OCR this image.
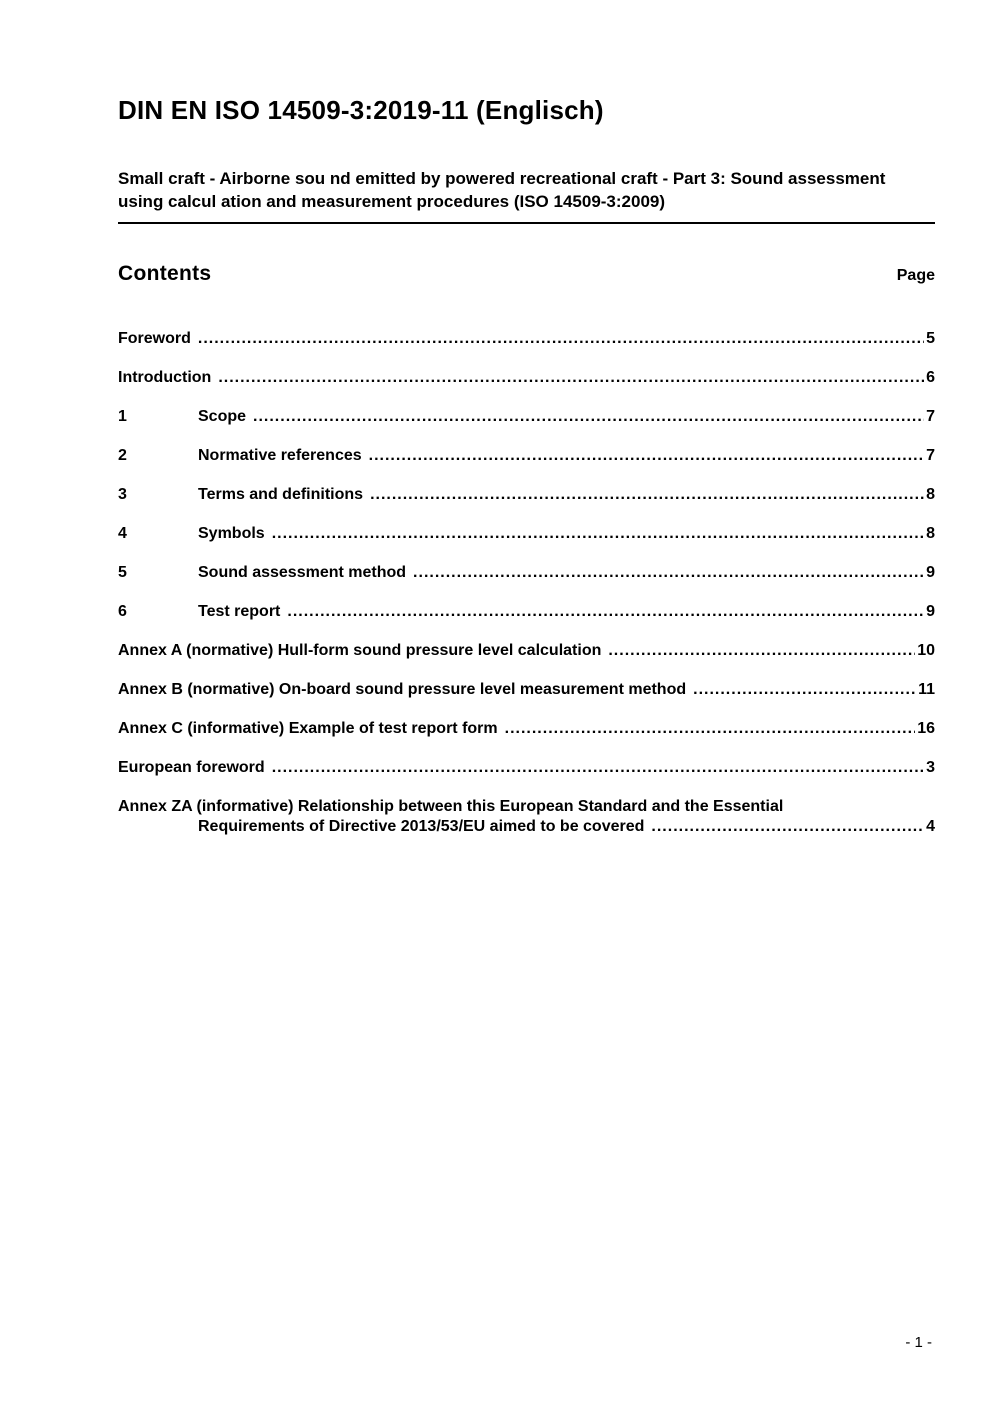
DIN EN ISO 14509-3:2019-11 (Englisch)
Small craft - Airborne sou nd emitted by powered recreational craft - Part 3: Sound assessment using calcul ation and measurement procedures (ISO 14509-3:2009)
Contents	Page
Foreword .....	5
Introduction .....	6
1	Scope .....	7
2	Normative references .....	7
3	Terms and definitions .....	8
4	Symbols .....	8
5	Sound assessment method .....	9
6	Test report .....	9
Annex A (normative) Hull-form sound pressure level calculation .....	10
Annex B (normative) On-board sound pressure level measurement method .....	11
Annex C (informative) Example of test report form .....	16
European foreword .....	3
Annex ZA (informative) Relationship between this European Standard and the Essential
Requirements of Directive 2013/53/EU aimed to be covered .....	4
- 1 -
